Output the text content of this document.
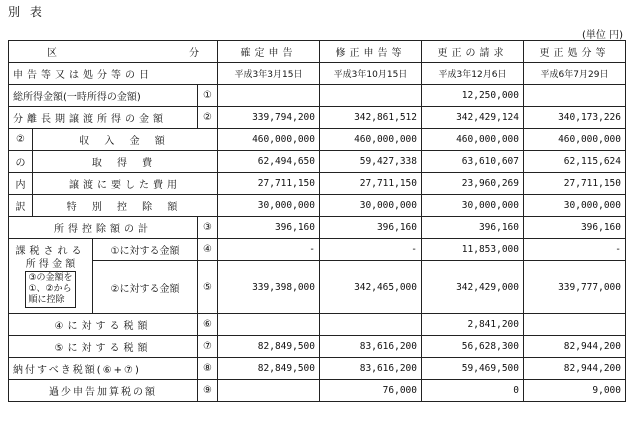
別 表
(単位 円)
区 分				確定申告	修正申告等	更正の請求	更正処分等
申告等又は処分等の日				平成3年3月15日	平成3年10月15日	平成3年12月6日	平成6年7月29日
総所得金額(一時所得の金額)			①			12,250,000	
分離長期譲渡所得の金額			②	339,794,200	342,861,512	342,429,124	340,173,226
②	収 入 金 額			460,000,000	460,000,000	460,000,000	460,000,000
の	取 得 費			62,494,650	59,427,338	63,610,607	62,115,624
内	譲渡に要した費用			27,711,150	27,711,150	23,960,269	27,711,150
訳	特 別 控 除 額			30,000,000	30,000,000	30,000,000	30,000,000
所得控除額の計			③	396,160	396,160	396,160	396,160

課税される
所 得 金 額
③の金額を
①、②から
順に控除		①に対する金額	④	-	-	11,853,000	-
		②に対する金額	⑤	339,398,000	342,465,000	342,429,000	339,777,000
④に対する税額			⑥			2,841,200	
⑤に対する税額			⑦	82,849,500	83,616,200	56,628,300	82,944,200
納付すべき税額(⑥+⑦)			⑧	82,849,500	83,616,200	59,469,500	82,944,200
過少申告加算税の額			⑨		76,000	0	9,000
